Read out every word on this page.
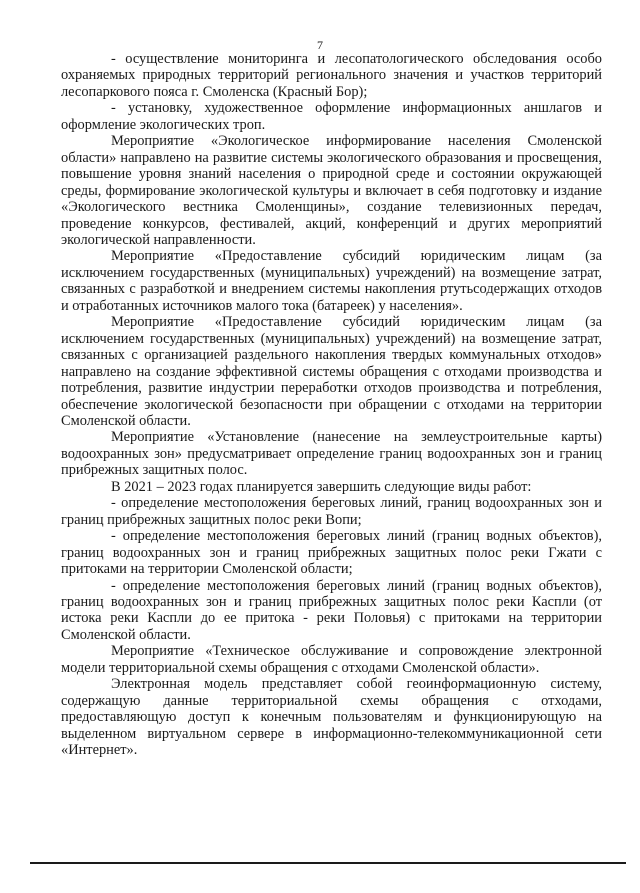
7

- осуществление мониторинга и лесопатологического обследования особо охраняемых природных территорий регионального значения и участков территорий лесопаркового пояса г. Смоленска (Красный Бор);

- установку, художественное оформление информационных аншлагов и оформление экологических троп.

Мероприятие «Экологическое информирование населения Смоленской области» направлено на развитие системы экологического образования и просвещения, повышение уровня знаний населения о природной среде и состоянии окружающей среды, формирование экологической культуры и включает в себя подготовку и издание «Экологического вестника Смоленщины», создание телевизионных передач, проведение конкурсов, фестивалей, акций, конференций и других мероприятий экологической направленности.

Мероприятие «Предоставление субсидий юридическим лицам (за исключением государственных (муниципальных) учреждений) на возмещение затрат, связанных с разработкой и внедрением системы накопления ртутьсодержащих отходов и отработанных источников малого тока (батареек) у населения».

Мероприятие «Предоставление субсидий юридическим лицам (за исключением государственных (муниципальных) учреждений) на возмещение затрат, связанных с организацией раздельного накопления твердых коммунальных отходов» направлено на создание эффективной системы обращения с отходами производства и потребления, развитие индустрии переработки отходов производства и потребления, обеспечение экологической безопасности при обращении с отходами на территории Смоленской области.

Мероприятие «Установление (нанесение на землеустроительные карты) водоохранных зон» предусматривает определение границ водоохранных зон и границ прибрежных защитных полос.

В 2021 – 2023 годах планируется завершить следующие виды работ:

- определение местоположения береговых линий, границ водоохранных зон и границ прибрежных защитных полос реки Вопи;

- определение местоположения береговых линий (границ водных объектов), границ водоохранных зон и границ прибрежных защитных полос реки Гжати с притоками на территории Смоленской области;

- определение местоположения береговых линий (границ водных объектов), границ водоохранных зон и границ прибрежных защитных полос реки Каспли (от истока реки Каспли до ее притока - реки Половья) с притоками на территории Смоленской области.

Мероприятие «Техническое обслуживание и сопровождение электронной модели территориальной схемы обращения с отходами Смоленской области».

Электронная модель представляет собой геоинформационную систему, содержащую данные территориальной схемы обращения с отходами, предоставляющую доступ к конечным пользователям и функционирующую на выделенном виртуальном сервере в информационно-телекоммуникационной сети «Интернет».
